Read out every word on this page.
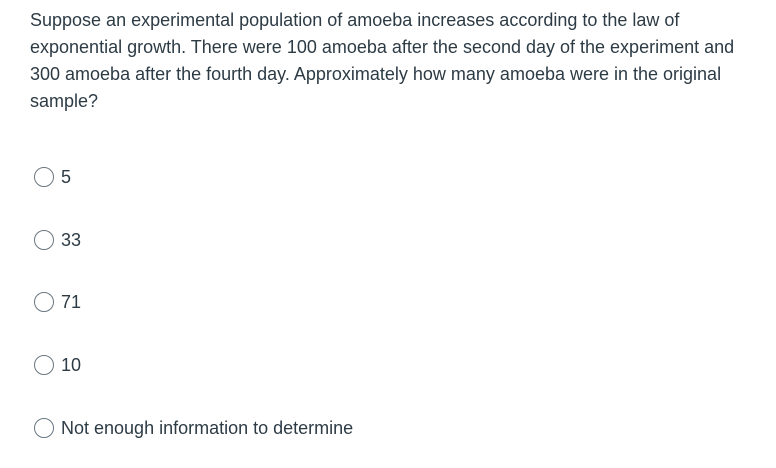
Suppose an experimental population of amoeba increases according to the law of exponential growth. There were 100 amoeba after the second day of the experiment and 300 amoeba after the fourth day. Approximately how many amoeba were in the original sample?

5
33
71
10
Not enough information to determine
